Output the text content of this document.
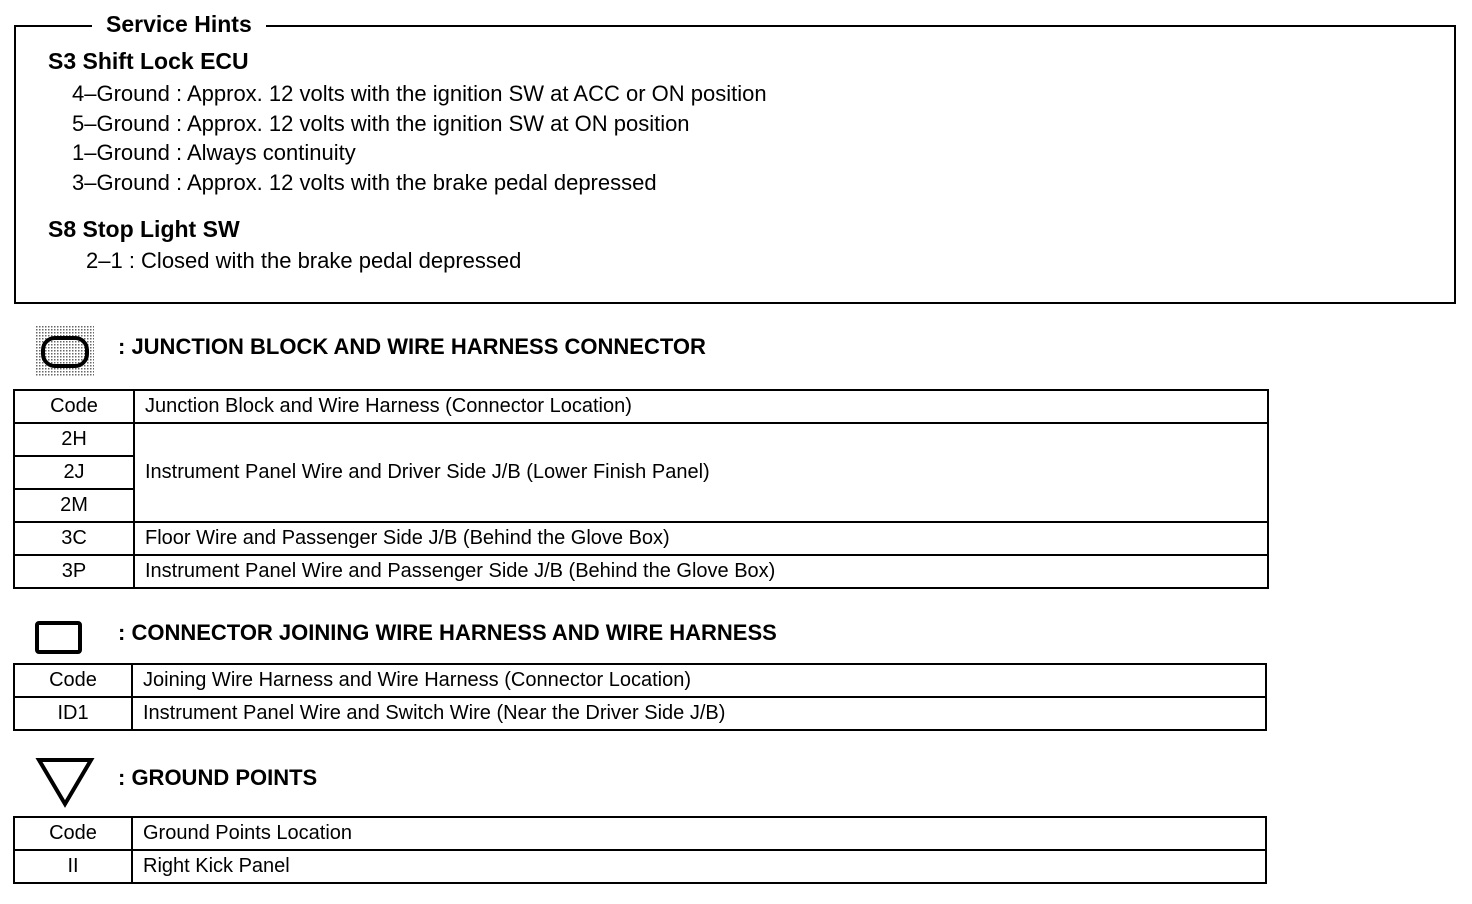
Service Hints
S3 Shift Lock ECU
4–Ground : Approx. 12 volts with the ignition SW at ACC or ON position
5–Ground : Approx. 12 volts with the ignition SW at ON position
1–Ground : Always continuity
3–Ground : Approx. 12 volts with the brake pedal depressed
S8 Stop Light SW
2–1 : Closed with the brake pedal depressed
: JUNCTION BLOCK AND WIRE HARNESS CONNECTOR
Code	Junction Block and Wire Harness (Connector Location)
2H	Instrument Panel Wire and Driver Side J/B (Lower Finish Panel)
2J	
2M	
3C	Floor Wire and Passenger Side J/B (Behind the Glove Box)
3P	Instrument Panel Wire and Passenger Side J/B (Behind the Glove Box)
: CONNECTOR JOINING WIRE HARNESS AND WIRE HARNESS
Code	Joining Wire Harness and Wire Harness (Connector Location)
ID1	Instrument Panel Wire and Switch Wire (Near the Driver Side J/B)
: GROUND POINTS
Code	Ground Points Location
II	Right Kick Panel
